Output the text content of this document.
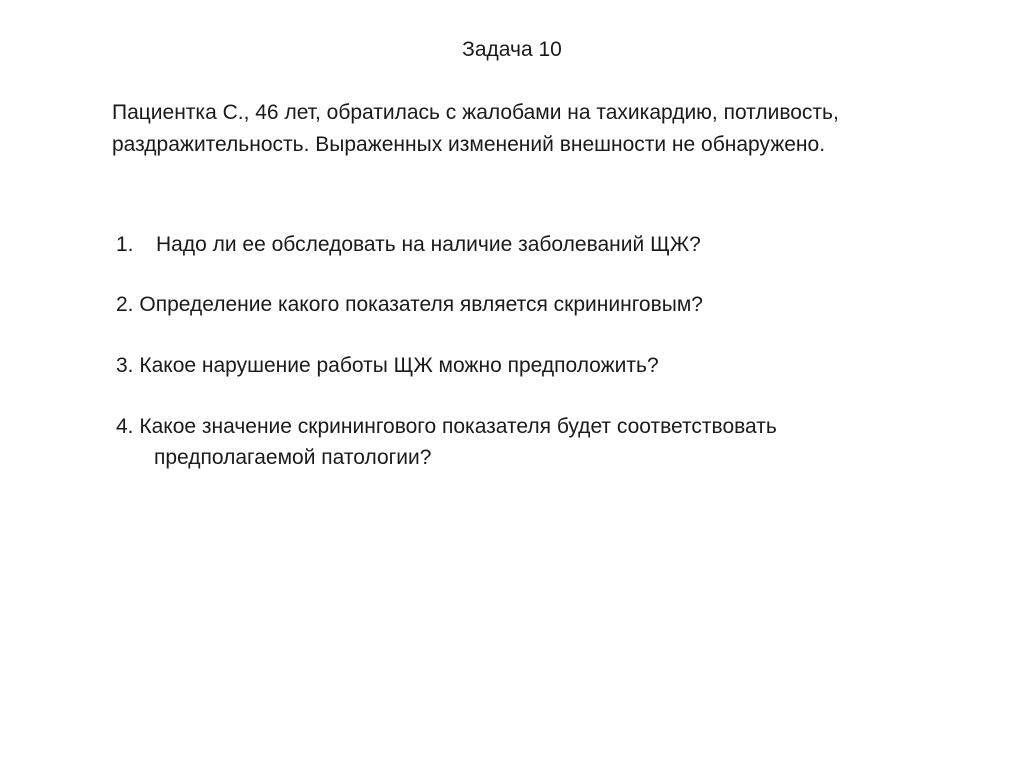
Задача 10

Пациентка С., 46 лет, обратилась с жалобами на тахикардию, потливость,

раздражительность. Выраженных изменений внешности не обнаружено.

1. Надо ли ее обследовать на наличие заболеваний ЩЖ?
2. Определение какого показателя является скрининговым?
3. Какое нарушение работы ЩЖ можно предположить?
4. Какое значение скринингового показателя будет соответствовать
предполагаемой патологии?
